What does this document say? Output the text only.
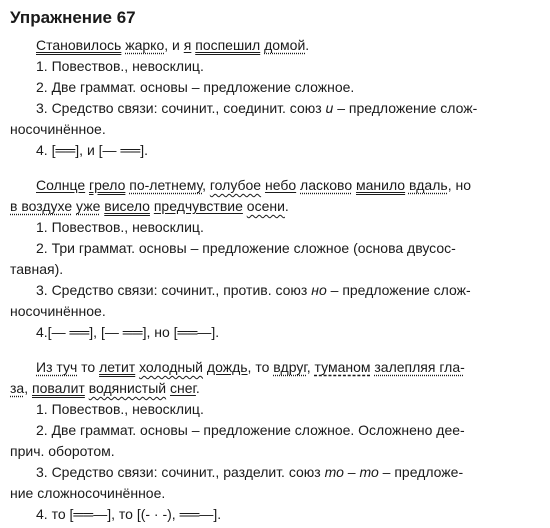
Упражнение 67
Становилось жарко, и я поспешил домой.
1. Повествов., невосклиц.
2. Две граммат. основы – предложение сложное.
3. Средство связи: сочинит., соединит. союз и – предложение слож-
носочинённое.
4. [══], и [— ══].
Солнце грело по-летнему, голубое небо ласково манило вдаль, но
в воздухе уже висело предчувствие осени.
1. Повествов., невосклиц.
2. Три граммат. основы – предложение сложное (основа двусос-
тавная).
3. Средство связи: сочинит., против. союз но – предложение слож-
носочинённое.
4.[— ══], [— ══], но [══—].
Из туч то летит холодный дождь, то вдруг, туманом залепляя гла-
за, повалит водянистый снег.
1. Повествов., невосклиц.
2. Две граммат. основы – предложение сложное. Осложнено дее-
прич. оборотом.
3. Средство связи: сочинит., разделит. союз то – то – предложе-
ние сложносочинённое.
4. то [══—], то [(- · -), ══—].
